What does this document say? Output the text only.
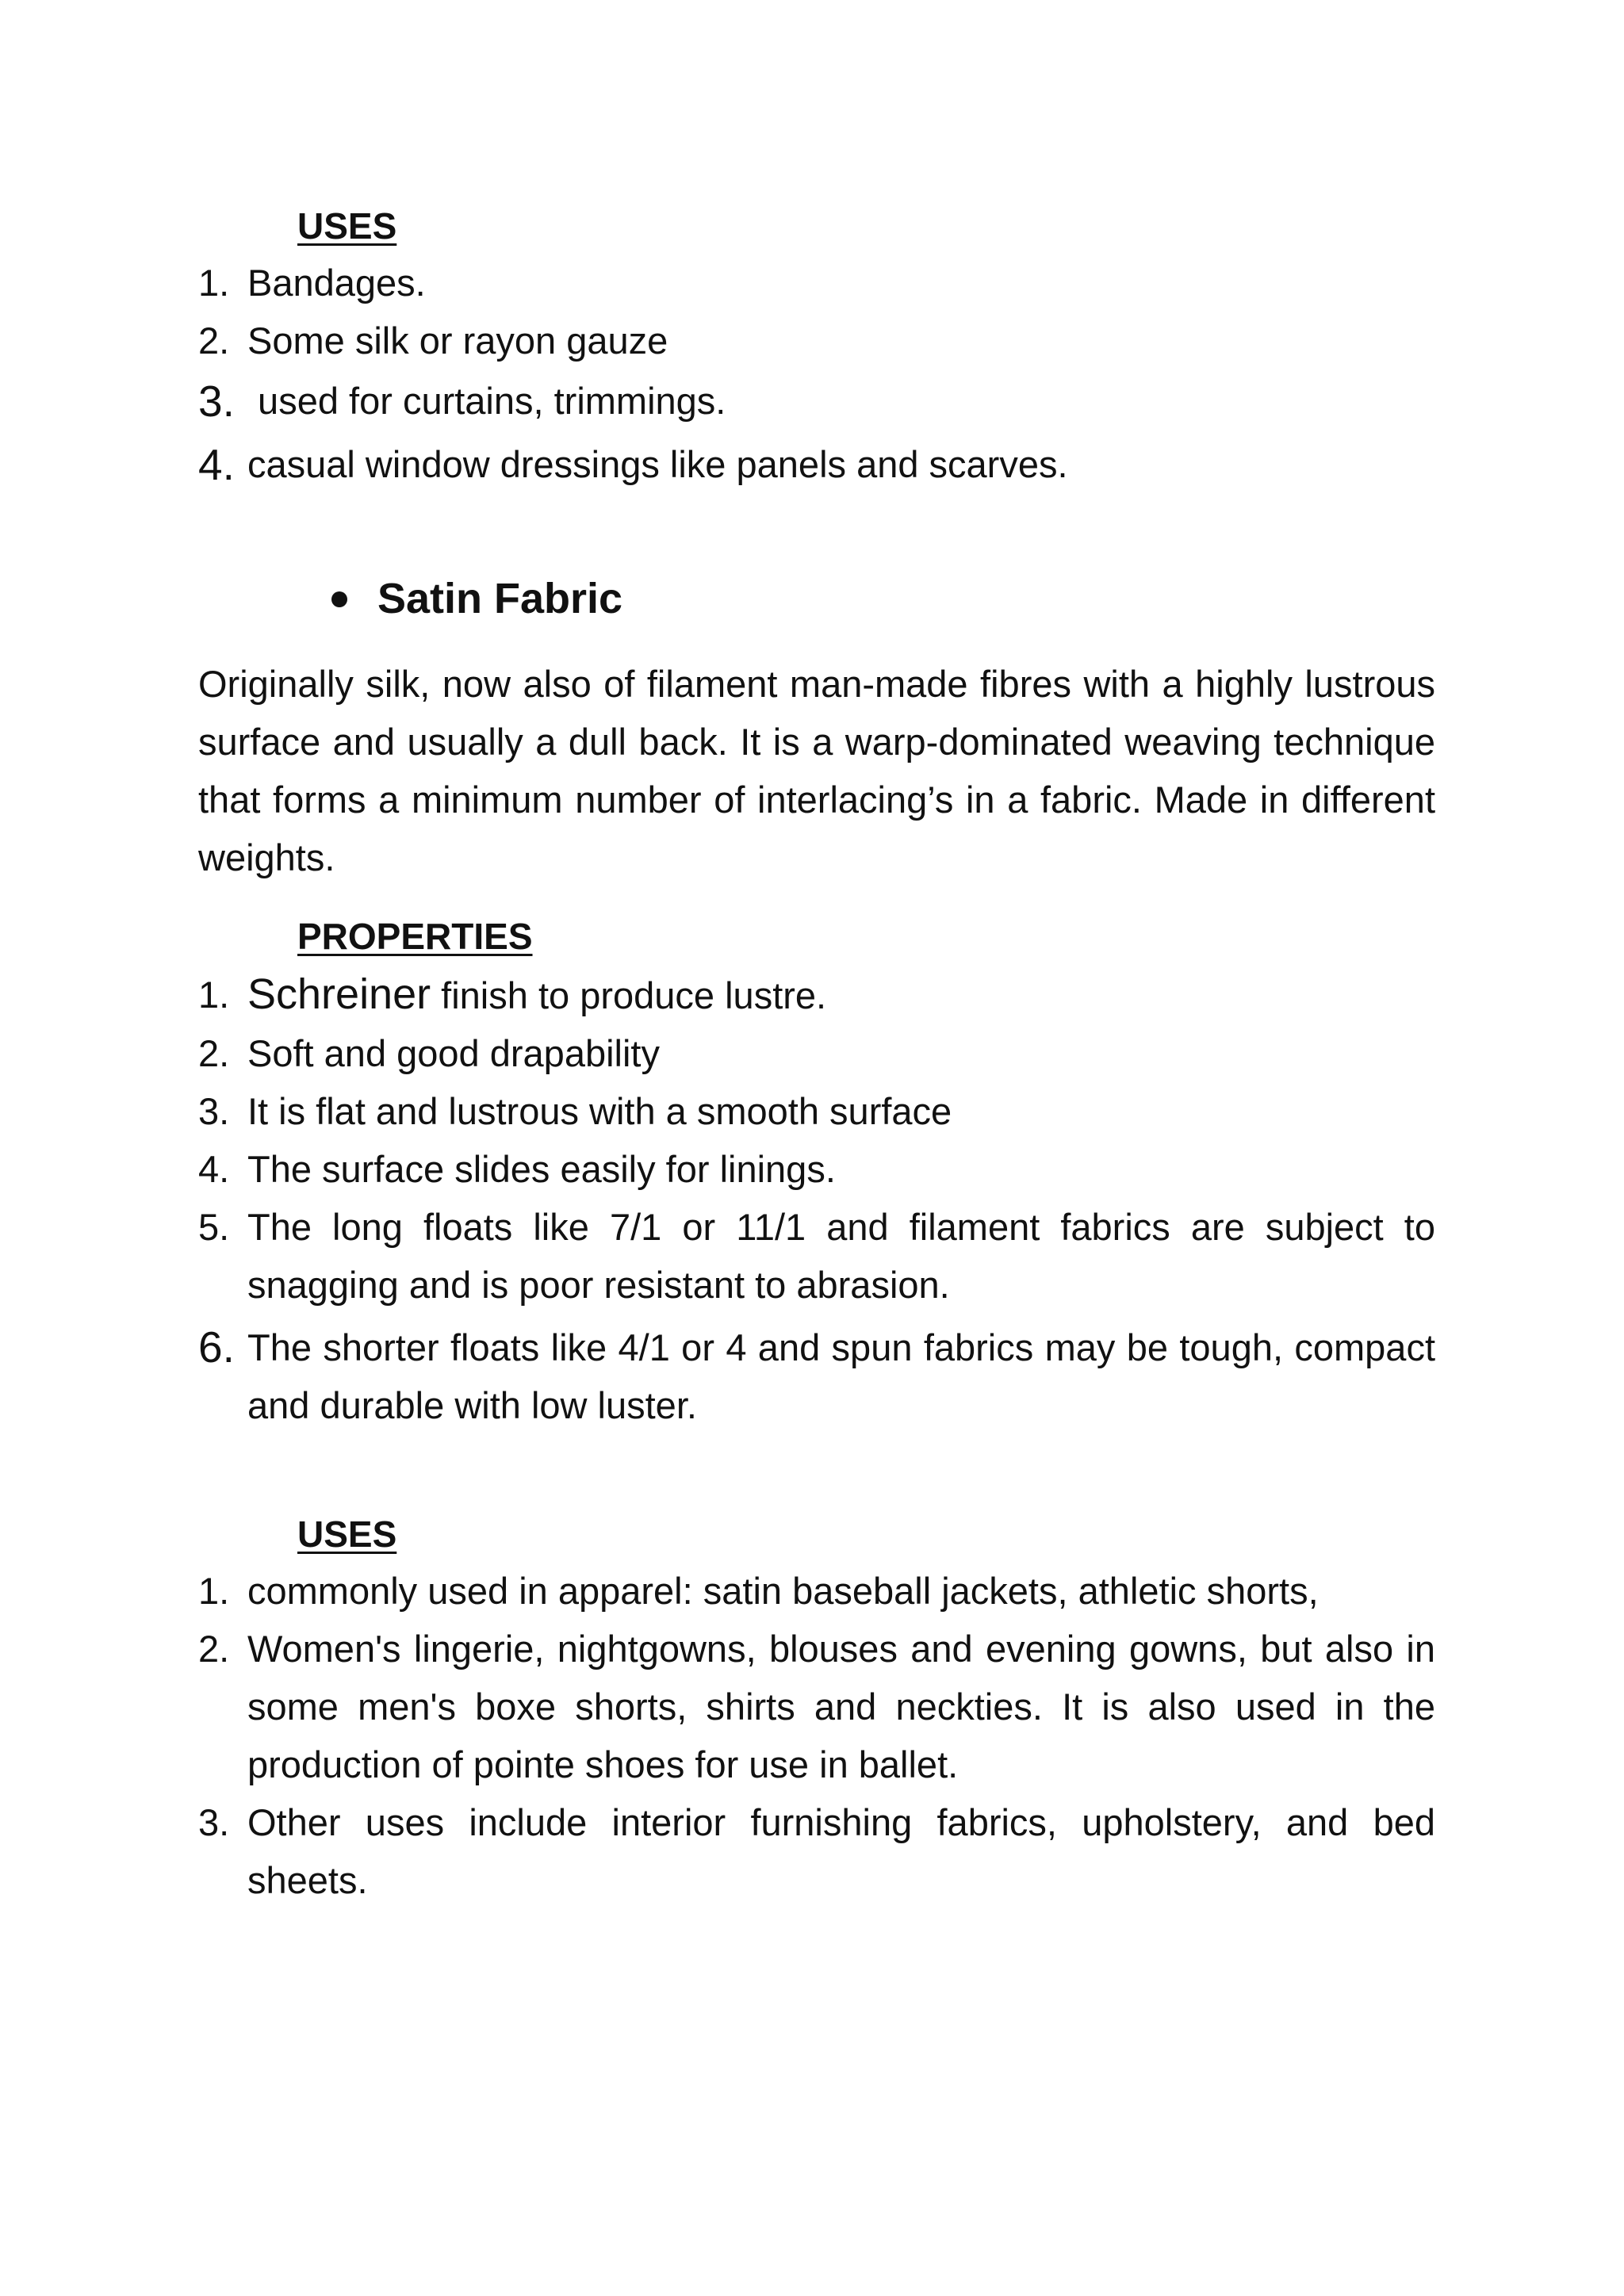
USES
1. Bandages.
2. Some silk or rayon gauze
3. used for curtains, trimmings.
4. casual window dressings like panels and scarves.
Satin Fabric

Originally silk, now also of filament man-made fibres with a highly lustrous surface and usually a dull back. It is a warp-dominated weaving technique that forms a minimum number of interlacing’s in a fabric. Made in different weights.

PROPERTIES
1. Schreiner finish to produce lustre.
2. Soft and good drapability
3. It is flat and lustrous with a smooth surface
4. The surface slides easily for linings.
5. The long floats like 7/1 or 11/1 and filament fabrics are subject to snagging and is poor resistant to abrasion.
6. The shorter floats like 4/1 or 4 and spun fabrics may be tough, compact and durable with low luster.
USES
1. commonly used in apparel: satin baseball jackets, athletic shorts,
2. Women's lingerie, nightgowns, blouses and evening gowns, but also in some men's boxe shorts, shirts and neckties. It is also used in the production of pointe shoes for use in ballet.
3. Other uses include interior furnishing fabrics, upholstery, and bed sheets.
